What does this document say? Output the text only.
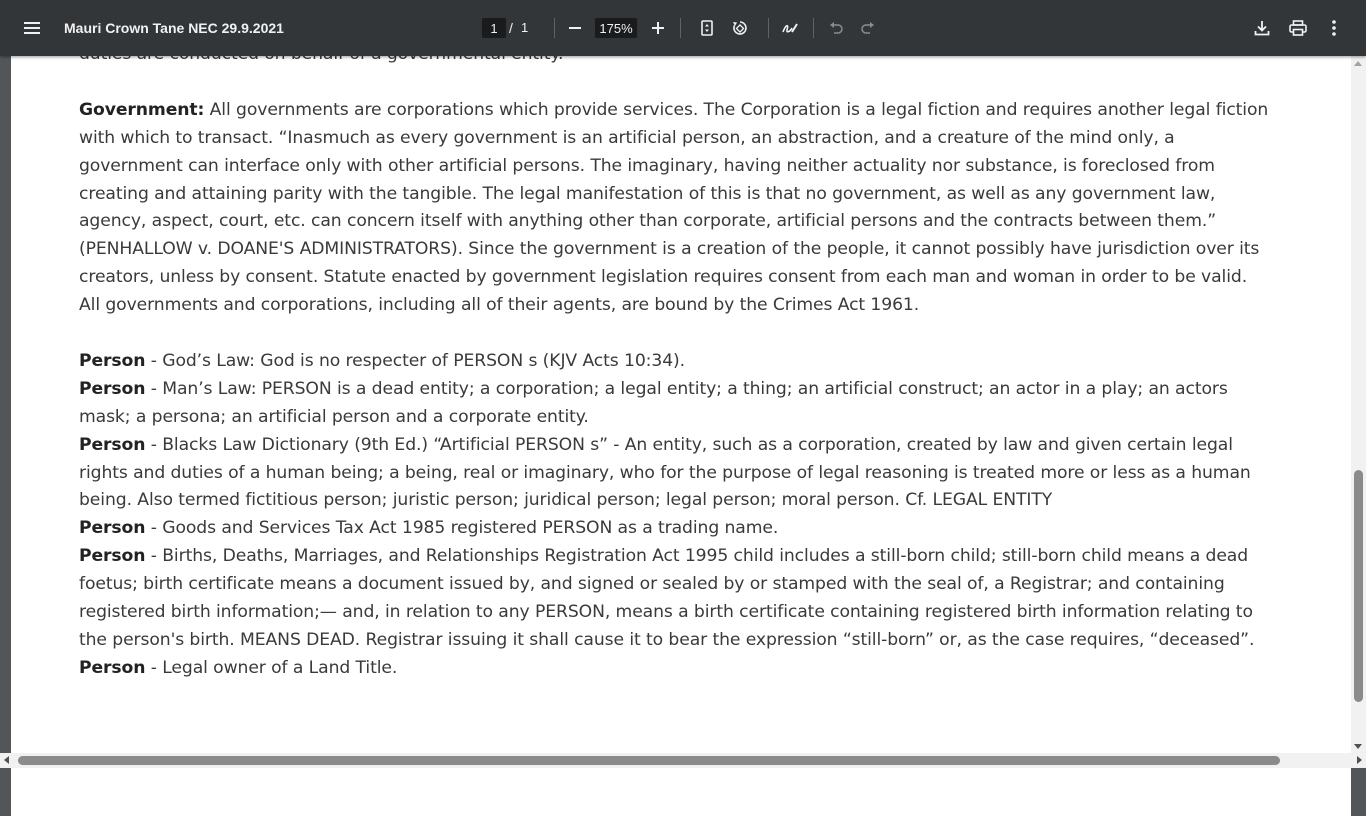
Mauri Crown Tane NEC 29.9.2021
1	/ 1
175%

Government: All governments are corporations which provide services. The Corporation is a legal fiction and requires another legal fiction with which to transact. “Inasmuch as every government is an artificial person, an abstraction, and a creature of the mind only, a government can interface only with other artificial persons. The imaginary, having neither actuality nor substance, is foreclosed from creating and attaining parity with the tangible. The legal manifestation of this is that no government, as well as any government law, agency, aspect, court, etc. can concern itself with anything other than corporate, artificial persons and the contracts between them.” (PENHALLOW v. DOANE'S ADMINISTRATORS). Since the government is a creation of the people, it cannot possibly have jurisdiction over its creators, unless by consent. Statute enacted by government legislation requires consent from each man and woman in order to be valid. All governments and corporations, including all of their agents, are bound by the Crimes Act 1961.

Person - God’s Law: God is no respecter of PERSON s (KJV Acts 10:34).

Person - Man’s Law: PERSON is a dead entity; a corporation; a legal entity; a thing; an artificial construct; an actor in a play; an actors mask; a persona; an artificial person and a corporate entity.

Person - Blacks Law Dictionary (9th Ed.) “Artificial PERSON s” - An entity, such as a corporation, created by law and given certain legal rights and duties of a human being; a being, real or imaginary, who for the purpose of legal reasoning is treated more or less as a human being. Also termed fictitious person; juristic person; juridical person; legal person; moral person. Cf. LEGAL ENTITY

Person - Goods and Services Tax Act 1985 registered PERSON as a trading name.

Person - Births, Deaths, Marriages, and Relationships Registration Act 1995 child includes a still-born child; still-born child means a dead foetus; birth certificate means a document issued by, and signed or sealed by or stamped with the seal of, a Registrar; and containing registered birth information;— and, in relation to any PERSON, means a birth certificate containing registered birth information relating to the person's birth. MEANS DEAD. Registrar issuing it shall cause it to bear the expression “still-born” or, as the case requires, “deceased”.

Person - Legal owner of a Land Title.
